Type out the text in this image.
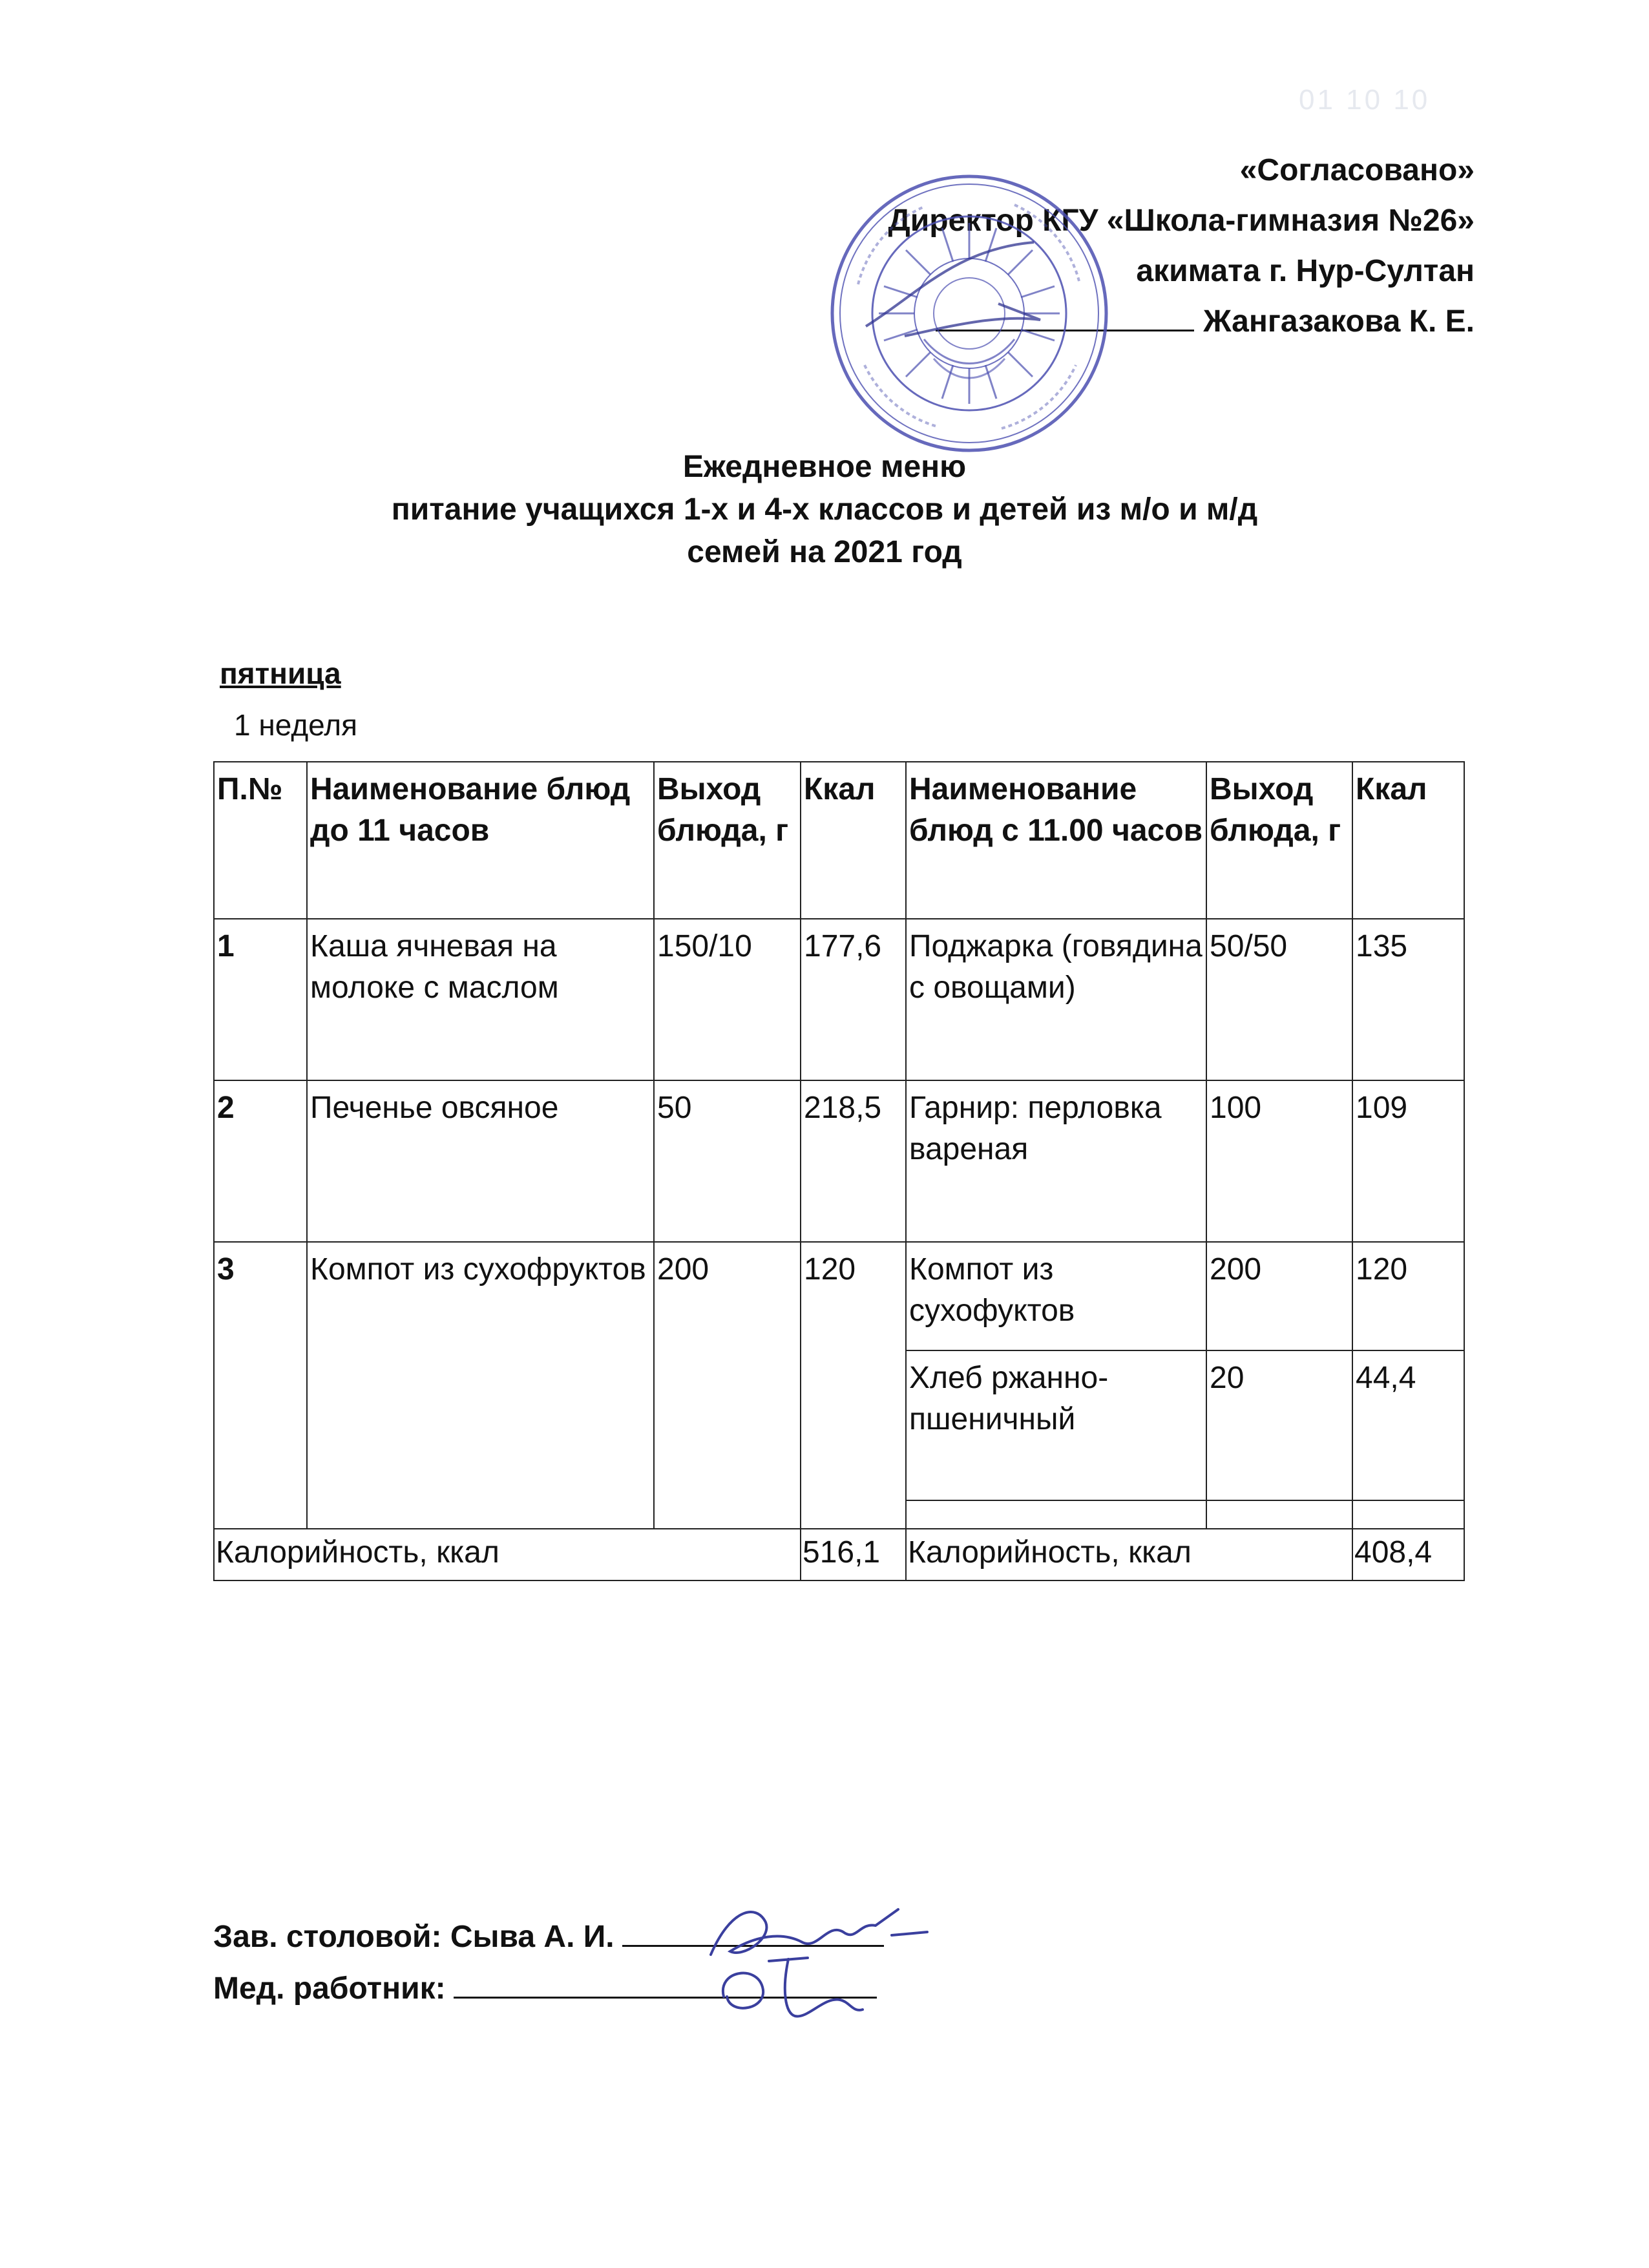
01 10 10
«Согласовано»
Директор КГУ «Школа-гимназия №26»
акимата г. Нур-Султан
Жангазакова К. Е.
Ежедневное меню
питание учащихся 1-х и 4-х классов и детей из м/о и м/д
семей на 2021 год
пятница
1 неделя
П.№	Наименование блюд до 11 часов	Выход блюда, г	Ккал	Наименование блюд с 11.00 часов	Выход блюда, г	Ккал
1	Каша ячневая на молоке с маслом	150/10	177,6	Поджарка (говядина с овощами)	50/50	135
2	Печенье овсяное	50	218,5	Гарнир: перловка вареная	100	109
3	Компот из сухофруктов	200	120	Компот из сухофуктов	200	120
				Хлеб ржанно-пшеничный	20	44,4

Калорийность, ккал			516,1	Калорийность, ккал		408,4
Зав. столовой: Сыва А. И.
Мед. работник:
